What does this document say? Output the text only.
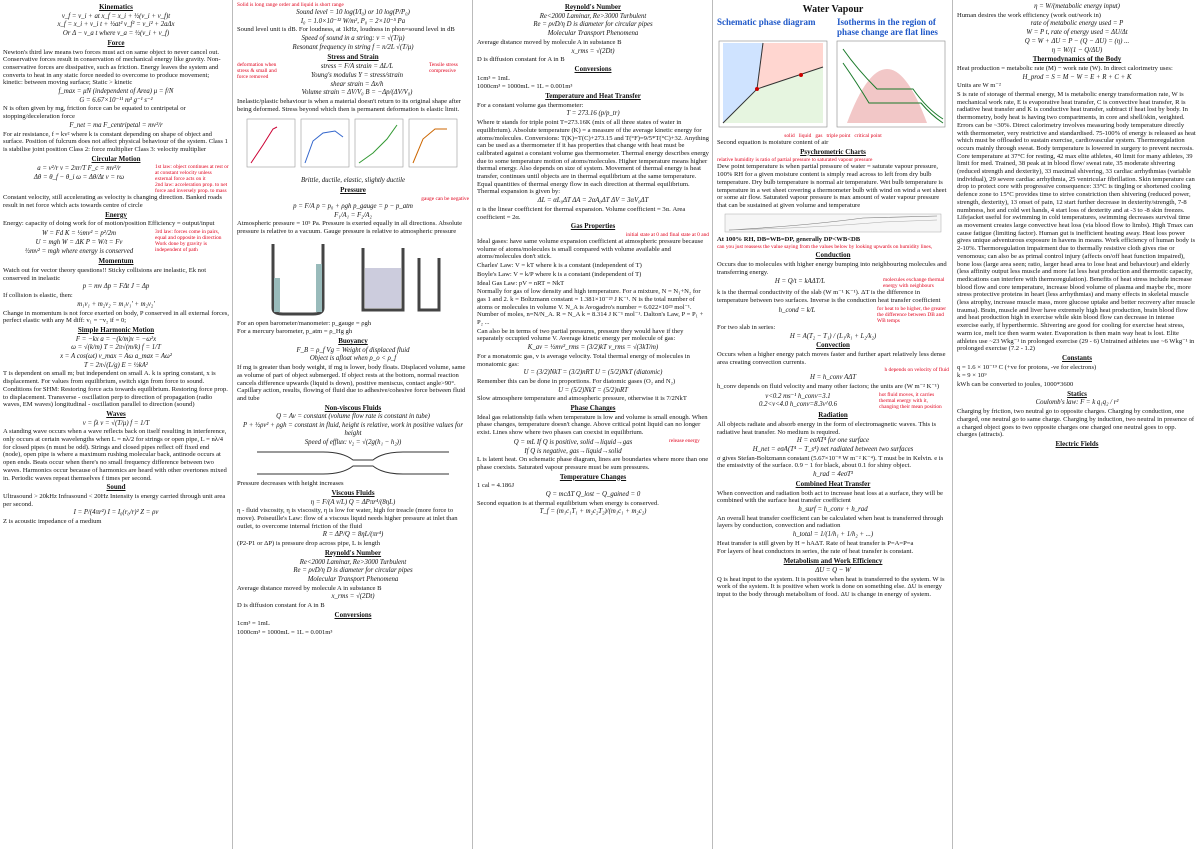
Kinematics
v_f = v_i + at x_f = x_i + ½(v_i + v_f)t
x_f = x_i + v_i t + ½at² v_f² = v_i² + 2aΔx
Or Δ − v_a t where v_a = ½(v_i + v_f)
Force
Newton's third law means two forces must act on same object to never cancel out. Conservative forces result in conservation of mechanical energy like gravity. Non-conservative forces are dissipative, such as friction. Energy leaves the system and converts to heat in any static force needed to overcome to produce movement; kinetic: between moving surface; Static > kinetic
f_max = μN (independent of Area) μ = f/N
G = 6.67×10⁻¹¹ m³ g⁻¹ s⁻²
N is often given by mg, friction force can be equated to centripetal or stopping/deceleration force
F_net = ma F_centripetal = mv²/r
For air resistance, f = kv² where k is constant depending on shape of object and surface. Position of fulcrum does not affect physical behaviour of the system. Class 1 is stabilise joint position Class 2: force multiplier Class 3: velocity multiplier
Circular Motion
a = v²/r v = 2πr/T F_c = mv²/r
Δθ = θ_f − θ_i ω = Δθ/Δt v = rω
1st law: object continues at rest or at constant velocity unless external force acts on it
2nd law: acceleration prop. to net force and inversely prop. to mass
Constant velocity, still accelerating as velocity is changing direction. Banked roads result in net force which acts towards centre of circle
Energy
Energy: capacity of doing work for of motion/position Efficiency = output/input
W = Fd K = ½mv² = p²/2m
U = mgh W = ΔK P = W/t = Fv
½mv² = mgh where energy is conserved
3rd law: forces come in pairs, equal and opposite in direction
Work done by gravity is independent of path
Momentum
Watch out for vector theory questions!! Sticky collisions are inelastic, Ek not conserved in inelastic
p = mv Δp = FΔt J = Δp
If collision is elastic, then:
m₁v₁ + m₂v₂ = m₁v₁' + m₂v₂'
Change in momentum is not force exerted on body, P conserved in all external forces, perfect elastic with any M diff: v₁ = −v₂ if = 0;
Simple Harmonic Motion
F = −kx a = −(k/m)x = −ω²x
ω = √(k/m) T = 2π√(m/k) f = 1/T
x = A cos(ωt) v_max = Aω a_max = Aω²
T = 2π√(L/g) E = ½kA²
T is dependent on small m; but independent on small A. k is spring constant, x is displacement. For values from equilibrium, switch sign from force to sound. Conditions for SHM: Restoring force acts towards equilibrium. Restoring force prop. to displacement. Transverse - oscillation perp to direction of propagation (radio waves, EM waves) longitudinal - oscillation parallel to direction (sound)
Waves
v = fλ v = √(T/μ) f = 1/T
A standing wave occurs when a wave reflects back on itself resulting in interference, only occurs at certain wavelengths when L = nλ/2 for strings or open pipe, L = nλ/4 for closed pipes (n must be odd). Strings and closed pipes reflect off fixed end (node), open pipe is where a maximum rushing molecular back, antinode occurs at open ends. Beats occur when there's no small frequency difference between two waves. Harmonics occur because of harmonics are heard with other overtones mixed in. Periodic waves repeat themselves f times per second.
Sound
Ultrasound > 20kHz Infrasound < 20Hz Intensity is energy carried through unit area per second.
I = P/(4πr²) I = I₀(r₀/r)² Z = ρv
Z is acoustic impedance of a medium
Solid is long range order and liquid is short range
Sound level = 10 log(I/I₀) or 10 log(P/P₀)
I₀ = 1.0×10⁻¹² W/m², P₀ = 2×10⁻⁵ Pa
Sound level unit is dB. For loudness, at 1kHz, loudness in phon=sound level in dB
Speed of sound in a string: v = √(T/μ)
Resonant frequency in string f = n/2L √(T/μ)
Stress and Strain
deformation when stress & small and force removed
stress = F/A strain = ΔL/L
Young's modulus Y = stress/strain
shear strain = Δx/h
Volume strain = ΔV/V₀ B = −Δp/(ΔV/V₀)
Tensile stress compressive
Inelastic/plastic behaviour is when a material doesn't return to its original shape after being deformed. Stress beyond which then is permanent deformation is elastic limit.
Brittle, ductile, elastic, slightly ductile
Pressure
gauge can be negative
p = F/A p = p₀ + ρgh p_gauge = p − p_atm
F₁/A₁ = F₂/A₂
Atmospheric pressure = 10⁵ Pa. Pressure is exerted equally in all directions. Absolute pressure is relative to a vacuum. Gauge pressure is relative to atmospheric pressure
For an open barometer/manometer: p_gauge = ρgh
For a mercury barometer, p_atm = ρ_Hg gh
Buoyancy
F_B = ρ_f Vg = Weight of displaced fluid
Object is afloat when ρ_o < ρ_f
If mg is greater than body weight, if mg is lower, body floats. Displaced volume, same as volume of part of object submerged. If object rests at the bottom, normal reaction cancels difference upwards (liquid is down), positive meniscus, contact angle>90°. Capillary action, results, flowing of fluid due to adhesive/cohesive force between fluid and tube
Non-viscous Fluids
Q = Av = constant (volume flow rate is constant in tube)
P + ½ρv² + ρgh = constant in fluid, height is relative, work in positive values for height
Speed of efflux: v₂ = √(2g(h₁ − h₂))
Pressure decreases with height increases
Viscous Fluids
η = F/(A v/L) Q = ΔPπr⁴/(8ηL)
η - fluid viscosity, η is viscosity, η is low for water, high for treacle (more force to move). Poiseuille's Law: flow of a viscous liquid needs higher pressure at inlet than outlet, to overcome internal friction of the fluid
R = ΔP/Q = 8ηL/(πr⁴)
(P2-P1 or ΔP) is pressure drop across pipe, L is length
Reynold's Number
Re<2000 Laminar, Re>3000 Turbulent
Re = ρvD/η D is diameter for circular pipes
Molecular Transport Phenomena
Average distance moved by molecule A in substance B
x_rms = √(2Dt)
D is diffusion constant for A in B
Conversions
1cm³ = 1mL
1000cm³ = 1000mL = 1L = 0.001m³
Reynold's Number
Re<2000 Laminar, Re>3000 Turbulent
Re = ρvD/η D is diameter for circular pipes
Molecular Transport Phenomena
Average distance moved by molecule A in substance B
x_rms = √(2Dt)
D is diffusion constant for A in B
Conversions
1cm³ = 1mL
1000cm³ = 1000mL = 1L = 0.001m³
Temperature and Heat Transfer
For a constant volume gas thermometer:
T = 273.16 (p/p_tr)
Where tr stands for triple point T=273.16K (mix of all three states of water in equilibrium). Absolute temperature (K) = a measure of the average kinetic energy for atoms/molecules. Conversions: T(K)=T(C)+273.15 and T(°F)=9/5*T(°C)+32. Anything can be used as a thermometer if it has properties that change with heat must be calibrated against a constant volume gas thermometer. Thermal energy describes energy due to some temperature motion of atoms/molecules. Higher temperature means higher thermal energy. Also depends on size of system. Movement of thermal energy is heat transfer, continues until objects are in thermal equilibrium at the same temperature. Equal quantities of thermal energy flow in each direction at thermal equilibrium. Thermal expansion is given by:
ΔL = αL₀ΔT ΔA = 2αA₀ΔT ΔV = 3αV₀ΔT
α is the linear coefficient for thermal expansion. Volume coefficient = 3α. Area coefficient = 2α.
Gas Properties
initial state at 0 and final state at 0 and
Ideal gases: have same volume expansion coefficient at atmospheric pressure because volume of atoms/molecules is small compared with volume available and atoms/molecules don't stick.
Charles' Law: V = kT where k is a constant (independent of T)
Boyle's Law: V = k/P where k is a constant (independent of T)
Ideal Gas Law: pV = nRT = NkT
Normally for gas of low density and high temperature. For a mixture, N = N₁+N₂ for gas 1 and 2. k = Boltzmann constant = 1.381×10⁻²³ J K⁻¹. N is the total number of atoms or molecules in volume V. N_A is Avogadro's number = 6.022×10²³ mol⁻¹. Number of moles, n=N/N_A. R = N_A k = 8.314 J K⁻¹ mol⁻¹. Dalton's Law, P = P₁ + P₂ ...
Can also be in terms of two partial pressures, pressure they would have if they separately occupied volume V. Average kinetic energy per molecule of gas:
K_av = ½mv²_rms = (3/2)kT v_rms = √(3kT/m)
For a monatomic gas, v is average velocity. Total thermal energy of molecules in monatomic gas:
U = (3/2)NkT = (3/2)nRT U = (5/2)NkT (diatomic)
Remember this can be done in proportions. For diatomic gases (O₂ and N₂)
U = (5/2)NkT = (5/2)nRT
Slow atmosphere temperature and atmospheric pressure, otherwise it is 7/2NkT
Phase Changes
Ideal gas relationship fails when temperature is low and volume is small enough. When phase changes, temperature doesn't change. Above critical point liquid can no longer exist. Lines show where two phases can coexist in equilibrium.
Q = mL If Q is positive, solid→liquid→gas
If Q is negative, gas→liquid→solid
release energy
L is latent heat. On schematic phase diagram, lines are boundaries where more than one phase coexists. Saturated vapour pressure must be sum pressures.
Temperature Changes
1 cal = 4.186J
Q = mcΔT Q_lost − Q_gained = 0
Second equation is at thermal equilibrium when energy is conserved.
T_f = (m₁c₁T₁ + m₂c₂T₂)/(m₁c₁ + m₂c₂)
Water Vapour
Schematic phase diagram Isotherms in the region of phase change are flat lines
solid liquid gas triple point critical point
Second equation is moisture content of air
Psychrometric Charts
relative humidity is ratio of partial pressure to saturated vapour pressure
Dew point temperature is when partial pressure of water = saturate vapour pressure, 100% RH for a given moisture content is simply read across to left from dry bulb temperature. Dry bulb temperature is normal air temperature. Wet bulb temperature is temperature in a wet sheet covering a thermometer bulb with wind on wind a wet sheet or some air flow. Saturated vapour pressure is max amount of water vapour pressure that can be sustained at given volume and temperature
At 100% RH, DB=WB=DP, generally DP<WB<DB
can you just reassess the value saying from the values below by looking upwards on humidity lines,
Conduction
Occurs due to molecules with higher energy bumping into neighbouring molecules and transferring energy.
H = Q/t = kAΔT/L	molecules exchange thermal energy with neighbours
k is the thermal conductivity of the slab (W m⁻¹ K⁻¹). ΔT is the difference in temperature between two surfaces. Inverse is the conduction heat transfer coefficient
h_cond = k/L	for heat to be higher, the greater the difference between DB and WB temps
For two slab in series:
H = A(T₂ − T₁) / (L₁/k₁ + L₂/k₂)
Convection
Occurs when a higher energy patch moves faster and further apart relatively less dense area creating convection currents.
h depends on velocity of fluid
H = h_conv AΔT
h_conv depends on fluid velocity and many other factors; the units are (W m⁻² K⁻¹)
v<0.2 ms⁻¹ h_conv=3.1
0.2<v<4.0 h_conv=8.3v^0.6
hot fluid moves, it carries thermal energy with it, changing their mean position
Radiation
All objects radiate and absorb energy in the form of electromagnetic waves. This is radiative heat transfer. No medium is required.
H = eσAT⁴ for one surface
H_net = eσA(T⁴ − T_s⁴) net radiated between two surfaces
σ gives Stefan-Boltzmann constant (5.67×10⁻⁸ W m⁻² K⁻⁴). T must be in Kelvin. e is the emissivity of the surface. 0.9 − 1 for black, about 0.1 for shiny object.
h_rad = 4eσT³
Combined Heat Transfer
When convection and radiation both act to increase heat loss at a surface, they will be combined with the surface heat transfer coefficient
h_surf = h_conv + h_rad
An overall heat transfer coefficient can be calculated when heat is transferred through layers by conduction, convection and radiation
h_total = 1/(1/h₁ + 1/h₂ + ...)
Heat transfer is still given by H = hAΔT. Rate of heat transfer is P=A=P=a
For layers of heat conductors in series, the rate of heat transfer is constant.
Metabolism and Work Efficiency
ΔU = Q − W
Q is heat input to the system. It is positive when heat is transferred to the system. W is work of the system. It is positive when work is done on something else. ΔU is energy input to the body through metabolism of food. ΔU is change in energy of system.
η = W/(metabolic energy input)
Human desires the work efficiency (work out/work in)
rate of metabolic energy used = P
W = P t, rate of energy used = ΔU/Δt
Q = W + ΔU = P − (Q − ΔU) = (η) ...
η = W/(1 − Q/ΔU)
Thermodynamics of the Body
Heat production = metabolic rate (M) − work rate (W). In direct calorimetry uses:
H_prod = S = M − W = E + R + C + K
Units are W m⁻²
S is rate of storage of thermal energy, M is metabolic energy transformation rate, W is mechanical work rate, E is evaporative heat transfer, C is convective heat transfer, R is radiative heat transfer and K is conductive heat transfer, subtract if heat lost by body. In thermometry, body heat is having two compartments, in core and shell/skin, weighted. Errors can be ~30%. Direct calorimetry involves measuring body temperature directly with thermometer, very restrictive and standardised. 75-100% of energy is released as heat which must be offloaded to sustain exercise, cardiovascular system. Thermoregulation occurs mainly through sweat. Body temperature is lowered in surgery to prevent necrosis. Core temperature at 37°C for resting, 42 max elite athletes, 40 limit for many athletes, 39 limit for med. Trained, 38 peak at in blood flow/ sweat rate, 35 moderate shivering (reduced strength and dexterity), 33 maximal shivering, 33 cardiac arrhythmias (variable individual), 29 severe cardiac arrhythmia, 25 ventricular fibrillation. Skin temperature can drop to protect core with progressive consequence: 33°C is tingling or shortened cooling defence zone to 15°C provides time to strive constriction then shivering (reduced power, strength, dexterity), 13 onset of pain, 12 start further decrease in dexterity/strength, 7-8 numbness, hot and cold wet hands, 4 start loss of dexterity and at -3 to -8 skin freezes. Lifejacket useful for swimming in cold temperatures, swimming decreases survival time as movement creates large convective heat loss (via blood flow to limbs). High Tmax can cause fatigue (limiting factor). Human gut is inefficient heating away. Heat loss power gives unique adventurous exposure in havens in means. Work efficiency of human body is 2-10%. Thermoregulation impairment due to thermally resistive cloth gives rise or venomous; can also be as primal control injury (affects on/off heat function impaired), bone loss (large area seen; ratio, larger head area to lose heat and behaviour) and elderly (less affinity output less muscle and more fat less heat production and thermotic capacity, medications can interfere with thermoregulation). Benefits of heat stress include increase blood flow and core temperature, increase blood volume of plasma and maybe rbc, more stress protective proteins in heart (less arrhythmias) and many effects in skeletal muscle (less atrophy, increase muscle mass, more glucose uptake and better recovery after muscle trauma). Brain, muscle and liver have extremely high heat production, brain blood flow and heat production high in exercise while skin blood flow can decrease in intense exercise early, if hyperthermic. Shivering are good for cooling for exercise heat stress, warm ice, melt ice then warm water. Evaporation is then main way heat is lost. Elite athletes use ~23 Wkg⁻¹ in prolonged exercise (29 - 6) Untrained athletes use ~6 Wkg⁻¹ in prolonged exercise (7.2 - 1.2)
Constants
q = 1.6 × 10⁻¹⁹ C (+ve for protons, -ve for electrons)
k = 9 × 10⁹
kWh can be converted to joules, 1000*3600
Statics
Coulomb's law: F = k q₁q₂ / r²
Charging by friction, two neutral go to opposite charges. Charging by conduction, one charged, one neutral go to same charge. Charging by induction, two neutral in presence of a charged object goes to two opposite charges one charged one neutral goes to opp. charges (attracts).
Electric Fields
